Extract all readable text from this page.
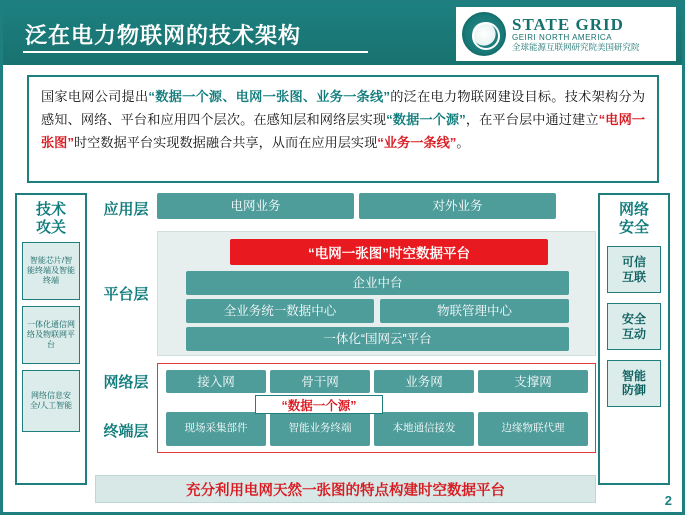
泛在电力物联网的技术架构	STATE GRID
GEIRI NORTH AMERICA
全球能源互联网研究院美国研究院
国家电网公司提出“数据一个源、电网一张图、业务一条线”的泛在电力物联网建设目标。技术架构分为感知、网络、平台和应用四个层次。在感知层和网络层实现“数据一个源”，在平台层中通过建立“电网一张图”时空数据平台实现数据融合共享，从而在应用层实现“业务一条线”。
技术
攻关
智能芯片/智能终端及智能终端
一体化通信网络及物联网平台
网络信息安全/人工智能
网络
安全
可信
互联
安全
互动
智能
防御
应用层	电网业务	对外业务
平台层
“电网一张图”时空数据平台
企业中台
全业务统一数据中心	物联管理中心
一体化“国网云”平台
网络层
终端层
接入网	骨干网	业务网	支撑网
现场采集部件	智能业务终端	本地通信接发	边缘物联代理
“数据一个源”
充分利用电网天然一张图的特点构建时空数据平台
2
